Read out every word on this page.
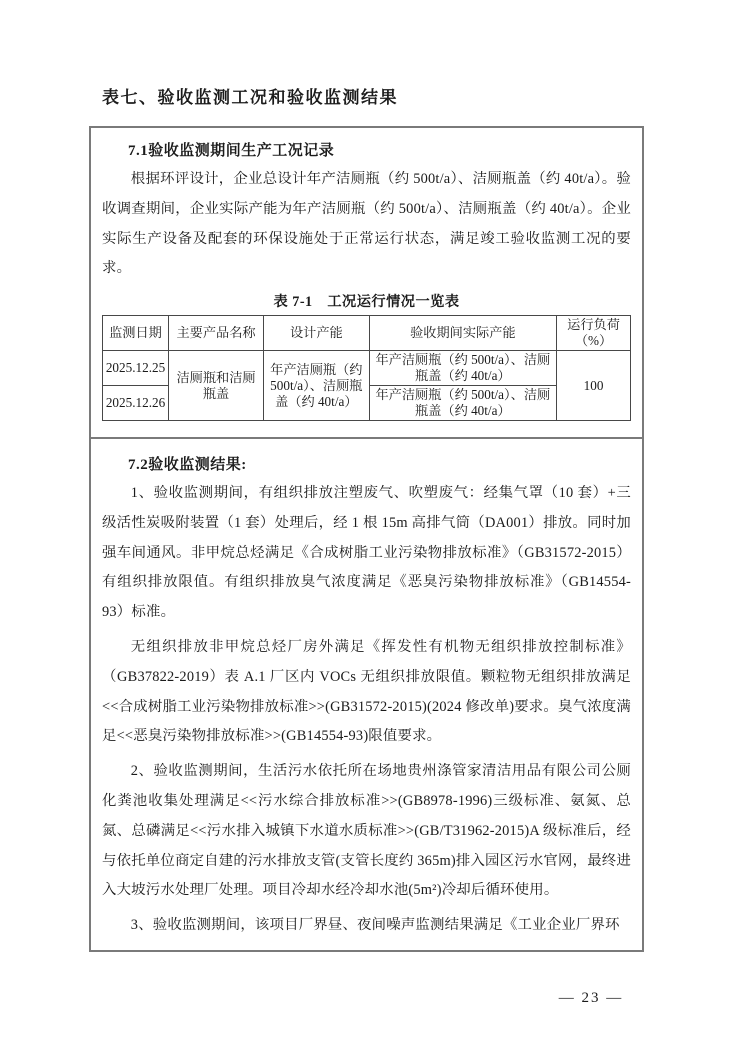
表七、验收监测工况和验收监测结果
7.1验收监测期间生产工况记录

根据环评设计，企业总设计年产洁厕瓶（约 500t/a）、洁厕瓶盖（约 40t/a）。验收调查期间，企业实际产能为年产洁厕瓶（约 500t/a）、洁厕瓶盖（约 40t/a）。企业实际生产设备及配套的环保设施处于正常运行状态，满足竣工验收监测工况的要求。

表 7-1　工况运行情况一览表
监测日期	主要产品名称	设计产能	验收期间实际产能	运行负荷（%）
2025.12.25	洁厕瓶和洁厕瓶盖	年产洁厕瓶（约 500t/a）、洁厕瓶盖（约 40t/a）	年产洁厕瓶（约 500t/a）、洁厕瓶盖（约 40t/a）	100
2025.12.26			年产洁厕瓶（约 500t/a）、洁厕瓶盖（约 40t/a）	
7.2验收监测结果:

1、验收监测期间，有组织排放注塑废气、吹塑废气：经集气罩（10 套）+三级活性炭吸附装置（1 套）处理后，经 1 根 15m 高排气筒（DA001）排放。同时加强车间通风。非甲烷总烃满足《合成树脂工业污染物排放标准》（GB31572-2015）有组织排放限值。有组织排放臭气浓度满足《恶臭污染物排放标准》（GB14554-93）标准。

无组织排放非甲烷总烃厂房外满足《挥发性有机物无组织排放控制标准》（GB37822-2019）表 A.1 厂区内 VOCs 无组织排放限值。颗粒物无组织排放满足<<合成树脂工业污染物排放标准>>(GB31572-2015)(2024 修改单)要求。臭气浓度满足<<恶臭污染物排放标准>>(GB14554-93)限值要求。

2、验收监测期间，生活污水依托所在场地贵州涤管家清洁用品有限公司公厕化粪池收集处理满足<<污水综合排放标准>>(GB8978-1996)三级标准、氨氮、总氮、总磷满足<<污水排入城镇下水道水质标准>>(GB/T31962-2015)A 级标准后，经与依托单位商定自建的污水排放支管(支管长度约 365m)排入园区污水官网，最终进入大坡污水处理厂处理。项目冷却水经冷却水池(5m²)冷却后循环使用。

3、验收监测期间，该项目厂界昼、夜间噪声监测结果满足《工业企业厂界环

— 23 —
